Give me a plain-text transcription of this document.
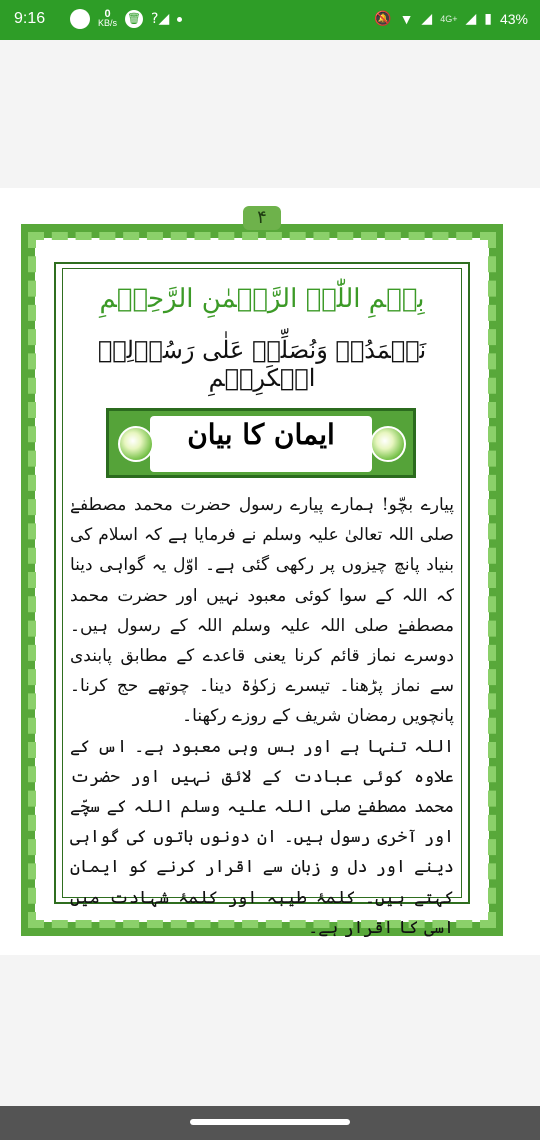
9:16	0
KB/s 🗑 ?◢	🔕 ▼ ◢ 4G+ ◢ ▮ 43%
۴
بِسۡمِ اللّٰہِ الرَّحۡمٰنِ الرَّحِیۡمِ
نَحۡمَدُہٗ وَنُصَلِّیۡ عَلٰی رَسُوۡلِہِ الۡکَرِیۡمِ
ایمان کا بیان

پیارے بچّو! ہمارے پیارے رسول حضرت محمد مصطفےٰ صلی اللہ تعالیٰ علیہ وسلم نے فرمایا ہے کہ اسلام کی بنیاد پانچ چیزوں پر رکھی گئی ہے۔ اوّل یہ گواہی دینا کہ اللہ کے سوا کوئی معبود نہیں اور حضرت محمد مصطفےٰ صلی اللہ علیہ وسلم اللہ کے رسول ہیں۔ دوسرے نماز قائم کرنا یعنی قاعدے کے مطابق پابندی سے نماز پڑھنا۔ تیسرے زکوٰۃ دینا۔ چوتھے حج کرنا۔ پانچویں رمضان شریف کے روزے رکھنا۔

اللہ تنہا ہے اور بس وہی معبود ہے۔ اس کے علاوہ کوئی عبادت کے لائق نہیں اور حضرت محمد مصطفےٰ صلی اللہ علیہ وسلم اللہ کے سچّے اور آخری رسول ہیں۔ ان دونوں باتوں کی گواہی دینے اور دل و زبان سے اقرار کرنے کو ایمان کہتے ہیں۔ کلمۂ طیبہ اور کلمۂ شہادت میں اسی کا اقرار ہے۔
